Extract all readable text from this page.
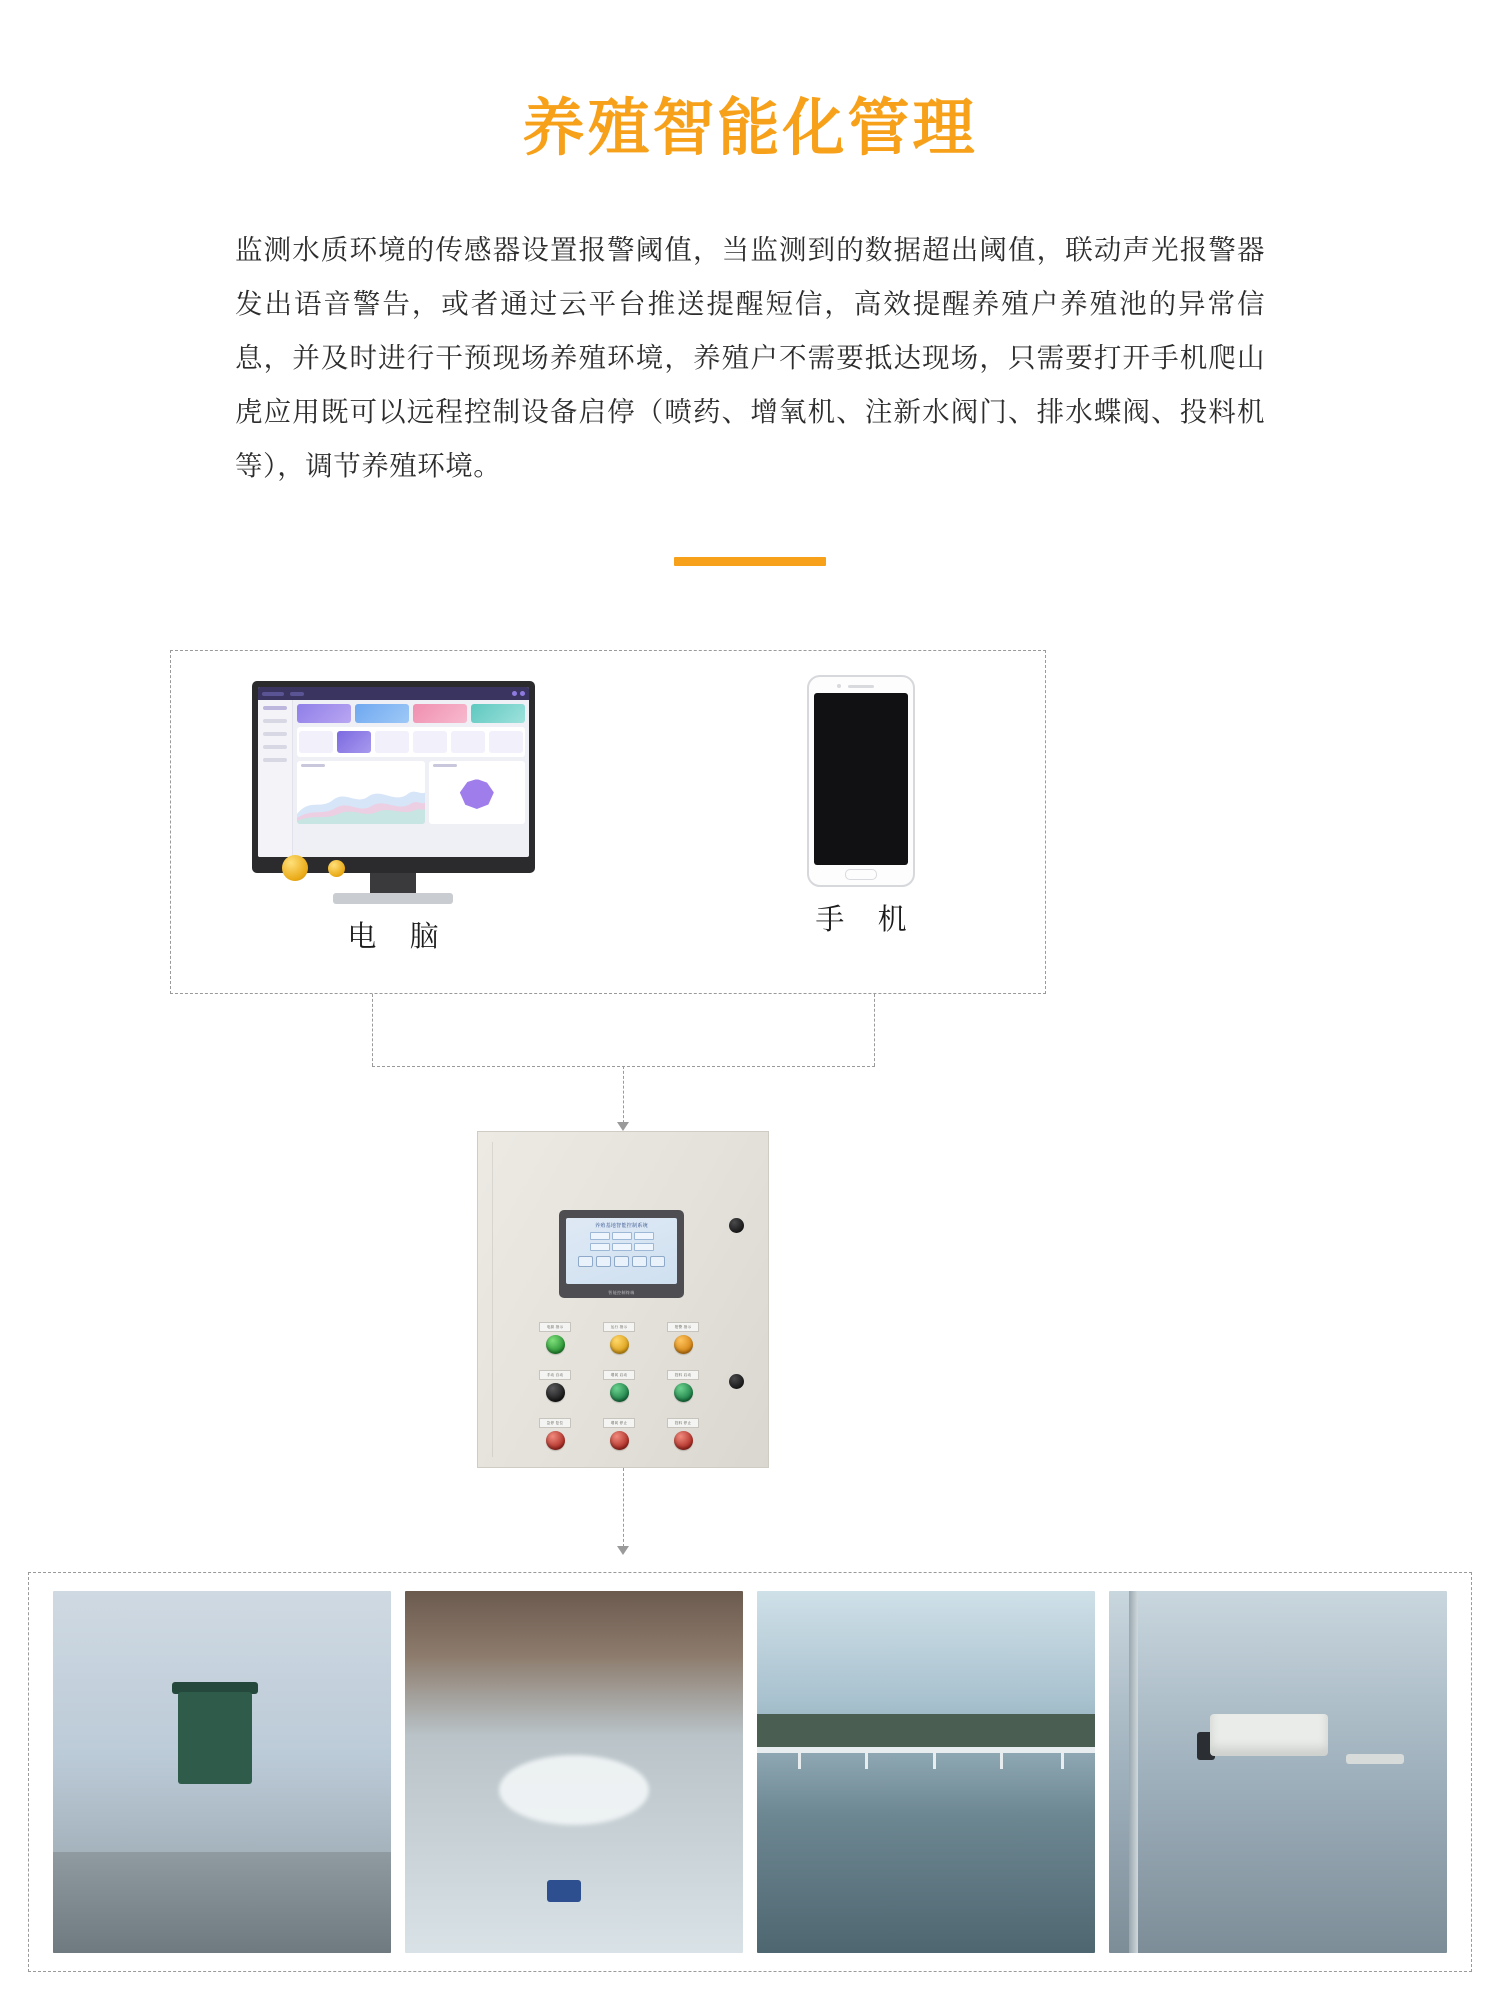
养殖智能化管理

监测水质环境的传感器设置报警阈值，当监测到的数据超出阈值，联动声光报警器发出语音警告，或者通过云平台推送提醒短信，高效提醒养殖户养殖池的异常信息，并及时进行干预现场养殖环境，养殖户不需要抵达现场，只需要打开手机爬山虎应用既可以远程控制设备启停（喷药、增氧机、注新水阀门、排水蝶阀、投料机等），调节养殖环境。

电 脑	手 机
养殖基地智能控制系统
智能控制终端
电源 指示	运行 指示	报警 指示
手动 自动	增氧 启动	投料 启动
急停 复位	增氧 停止	投料 停止
